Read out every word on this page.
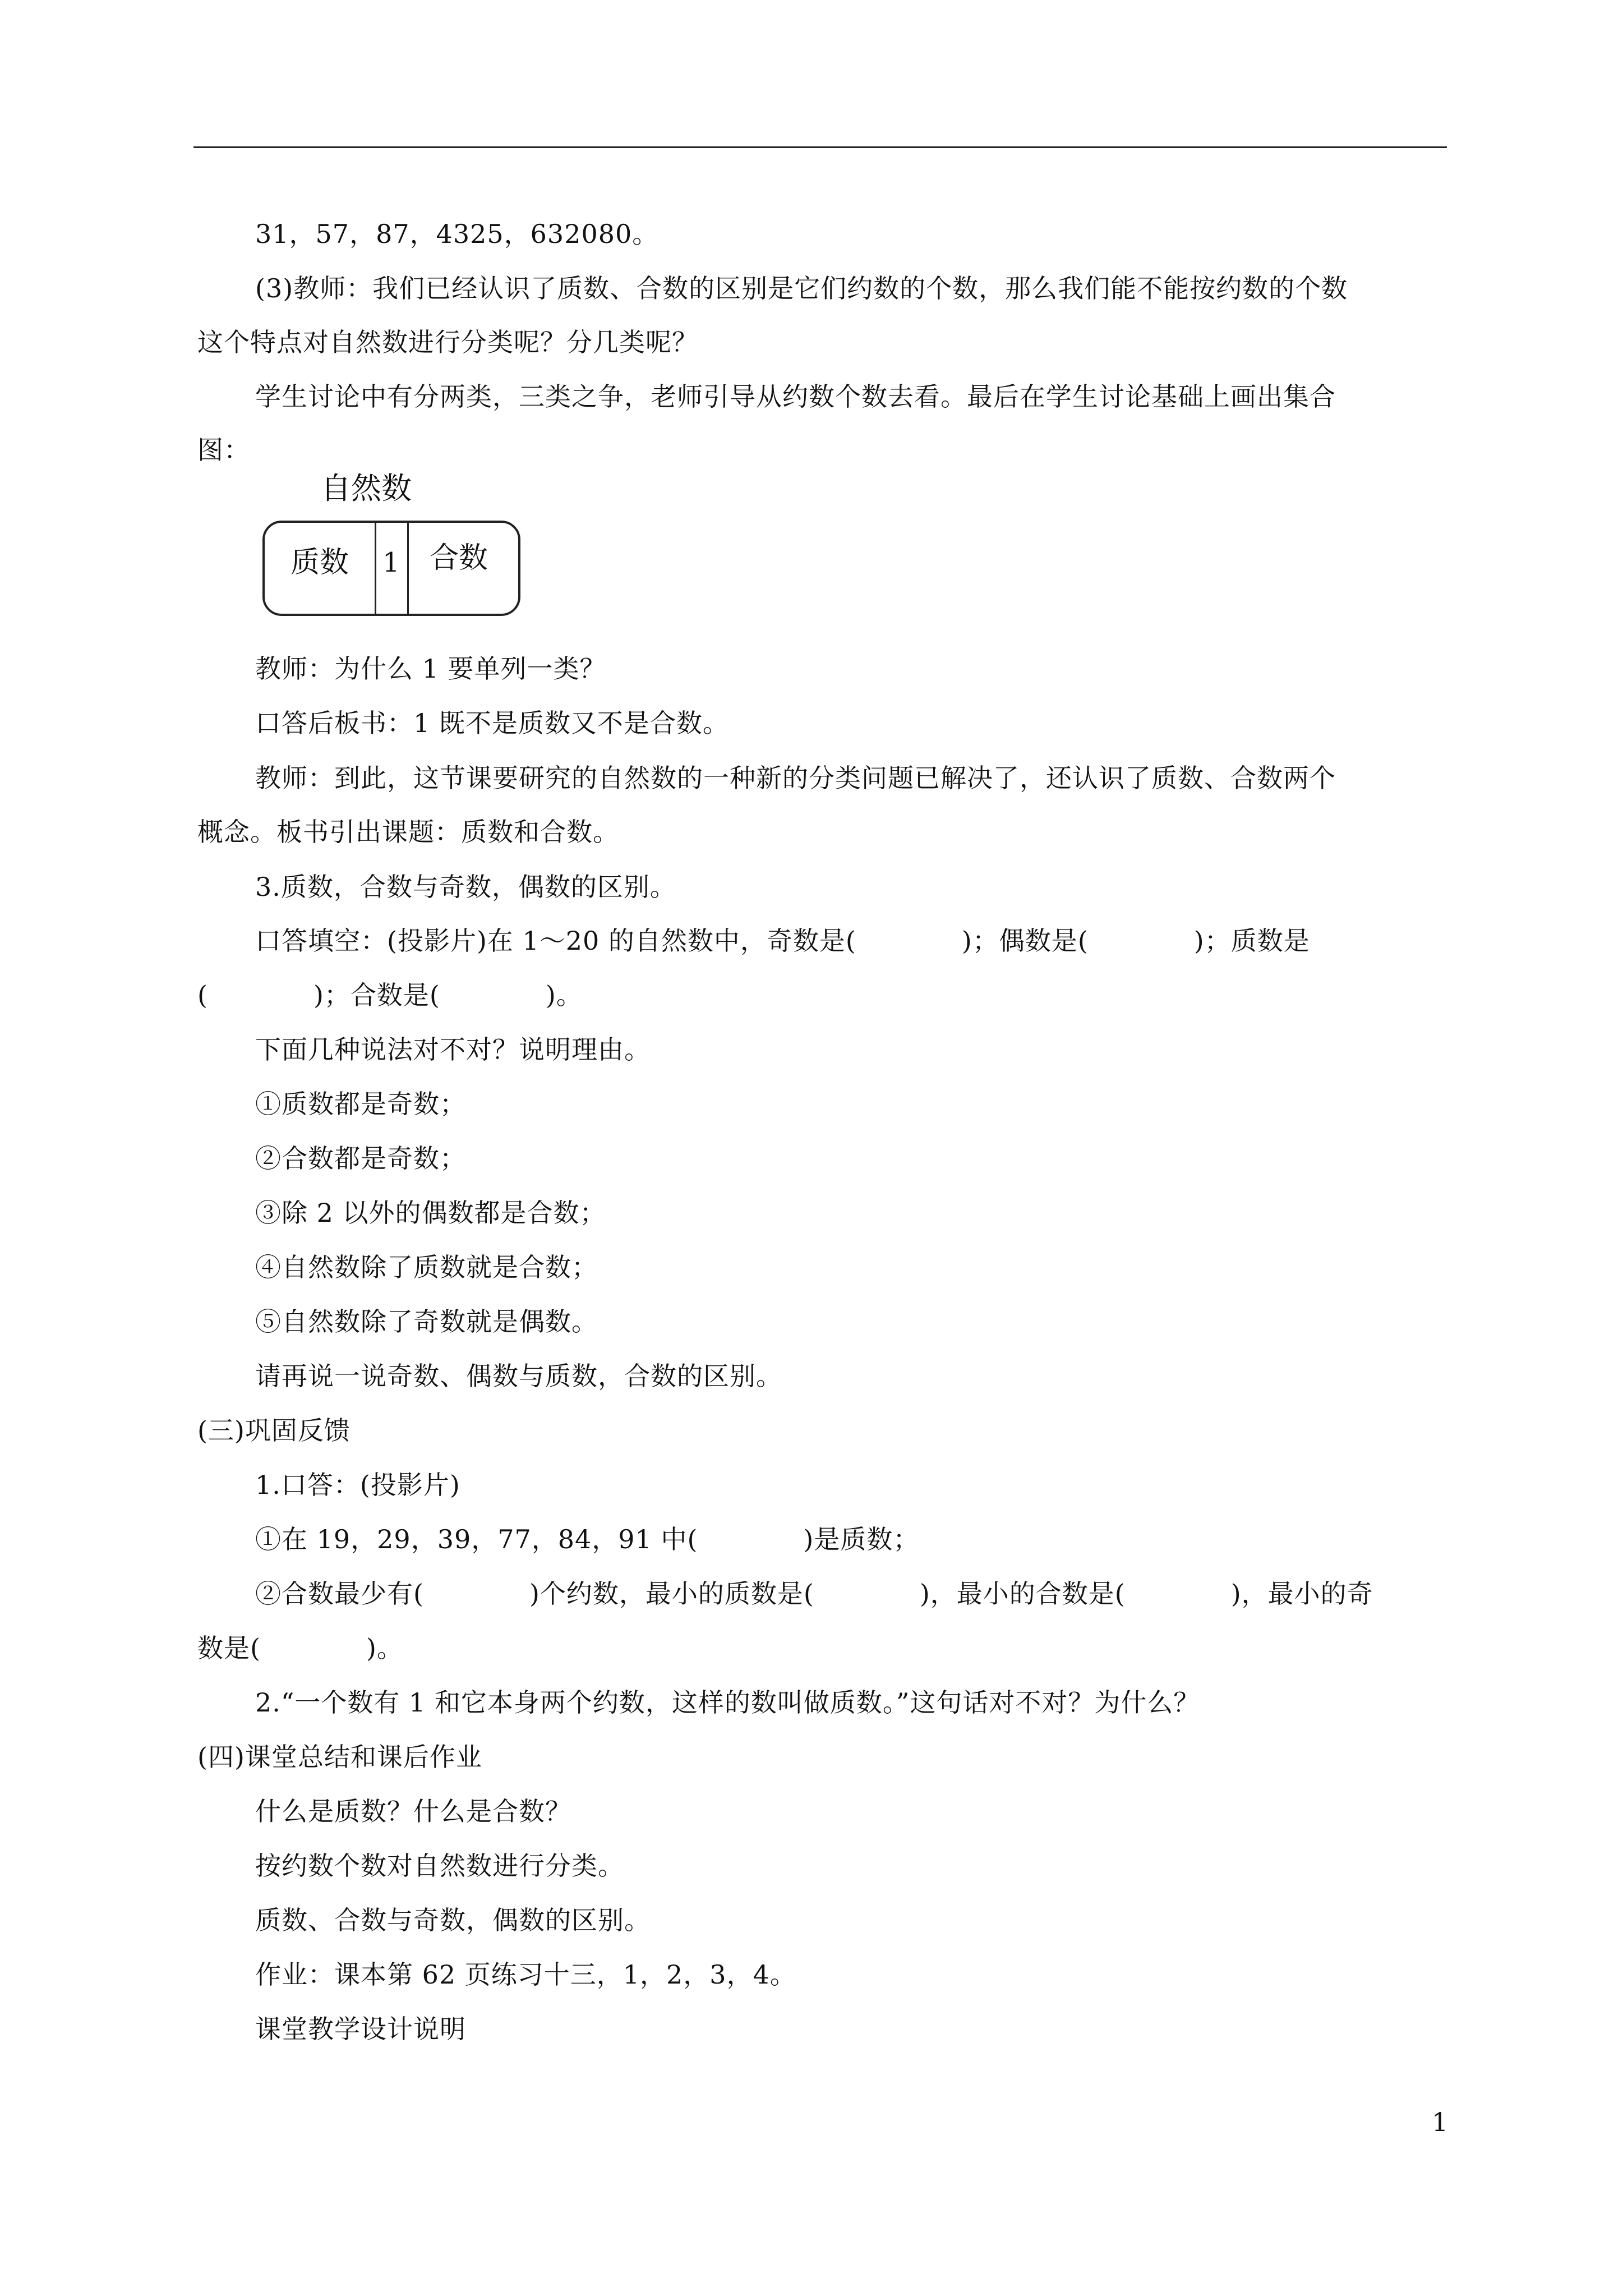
31，57，87，4325，632080。
(3)教师：我们已经认识了质数、合数的区别是它们约数的个数，那么我们能不能按约数的个数
这个特点对自然数进行分类呢？分几类呢？
学生讨论中有分两类，三类之争，老师引导从约数个数去看。最后在学生讨论基础上画出集合
图：
自然数
质数 1 合数
教师：为什么 1 要单列一类？
口答后板书：1 既不是质数又不是合数。
教师：到此，这节课要研究的自然数的一种新的分类问题已解决了，还认识了质数、合数两个
概念。板书引出课题：质数和合数。
3.质数，合数与奇数，偶数的区别。
口答填空：(投影片)在 1～20 的自然数中，奇数是(　　　　)；偶数是(　　　　)；质数是
(　　　　)；合数是(　　　　)。
下面几种说法对不对？说明理由。
①质数都是奇数；
②合数都是奇数；
③除 2 以外的偶数都是合数；
④自然数除了质数就是合数；
⑤自然数除了奇数就是偶数。
请再说一说奇数、偶数与质数，合数的区别。
(三)巩固反馈
1.口答：(投影片)
①在 19，29，39，77，84，91 中(　　　　)是质数；
②合数最少有(　　　　)个约数，最小的质数是(　　　　)，最小的合数是(　　　　)，最小的奇
数是(　　　　)。
2.“一个数有 1 和它本身两个约数，这样的数叫做质数。”这句话对不对？为什么？
(四)课堂总结和课后作业
什么是质数？什么是合数？
按约数个数对自然数进行分类。
质数、合数与奇数，偶数的区别。
作业：课本第 62 页练习十三，1，2，3，4。
课堂教学设计说明
1
